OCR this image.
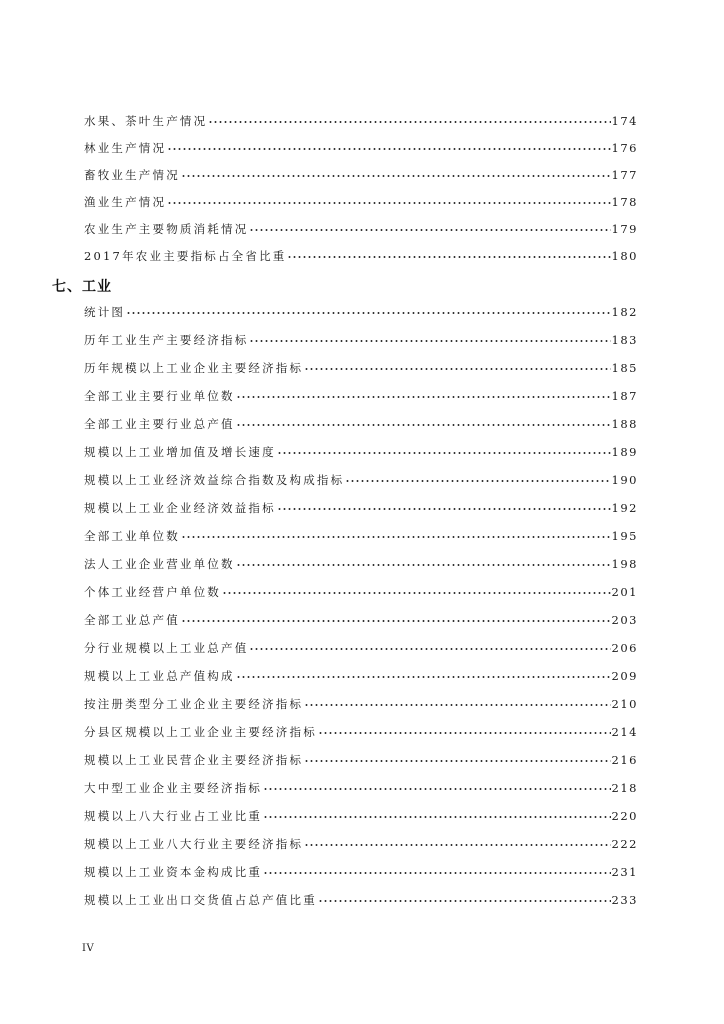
水果、茶叶生产情况	174
林业生产情况	176
畜牧业生产情况	177
渔业生产情况	178
农业生产主要物质消耗情况	179
2017年农业主要指标占全省比重	180
七、工业
统计图	182
历年工业生产主要经济指标	183
历年规模以上工业企业主要经济指标	185
全部工业主要行业单位数	187
全部工业主要行业总产值	188
规模以上工业增加值及增长速度	189
规模以上工业经济效益综合指数及构成指标	190
规模以上工业企业经济效益指标	192
全部工业单位数	195
法人工业企业营业单位数	198
个体工业经营户单位数	201
全部工业总产值	203
分行业规模以上工业总产值	206
规模以上工业总产值构成	209
按注册类型分工业企业主要经济指标	210
分县区规模以上工业企业主要经济指标	214
规模以上工业民营企业主要经济指标	216
大中型工业企业主要经济指标	218
规模以上八大行业占工业比重	220
规模以上工业八大行业主要经济指标	222
规模以上工业资本金构成比重	231
规模以上工业出口交货值占总产值比重	233
IV
